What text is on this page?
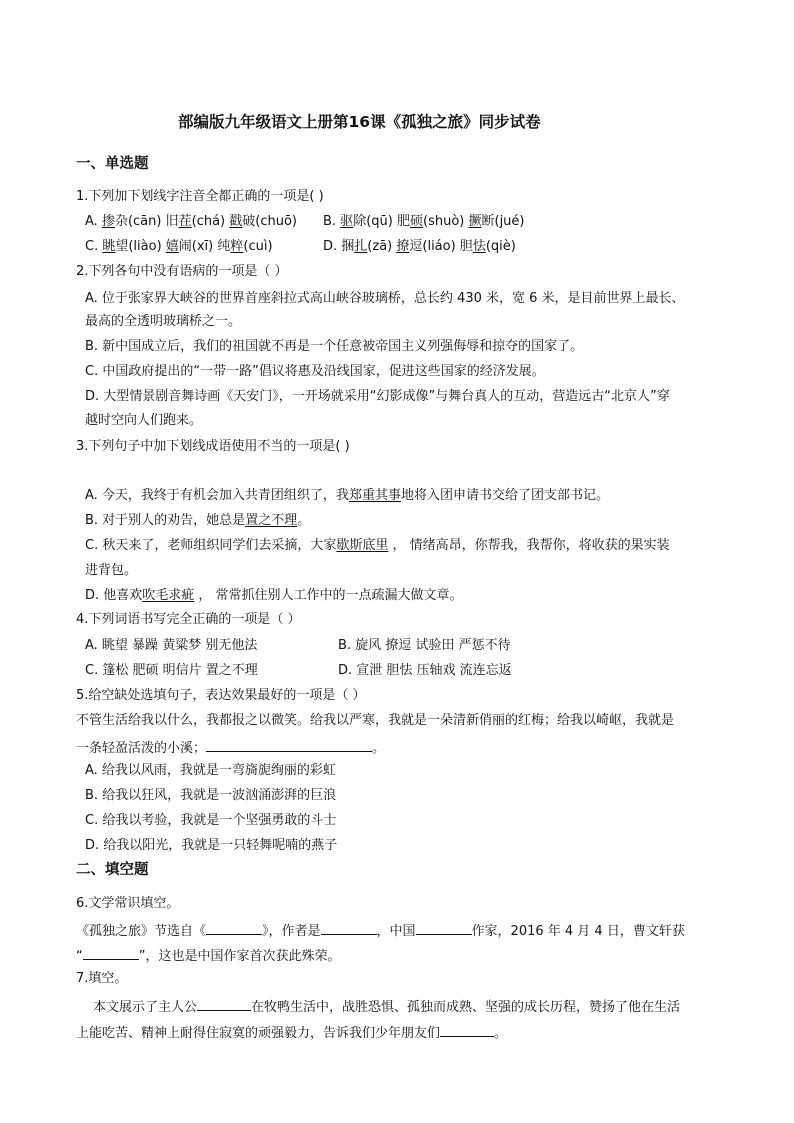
部编版九年级语文上册第16课《孤独之旅》同步试卷
一、单选题
1.下列加下划线字注音全都正确的一项是( )
A. 掺杂(cān) 旧茬(chá) 戳破(chuō) B. 驱除(qū) 肥硕(shuò) 撅断(jué)
C. 眺望(liào) 嬉闹(xī) 纯粹(cuì)	D. 捆扎(zā) 撩逗(liáo) 胆怯(qiè)
2.下列各句中没有语病的一项是（ ）
A. 位于张家界大峡谷的世界首座斜拉式高山峡谷玻璃桥，总长约 430 米，宽 6 米，是目前世界上最长、
最高的全透明玻璃桥之一。
B. 新中国成立后，我们的祖国就不再是一个任意被帝国主义列强侮辱和掠夺的国家了。
C. 中国政府提出的“一带一路”倡议将惠及沿线国家，促进这些国家的经济发展。
D. 大型情景剧音舞诗画《天安门》，一开场就采用“幻影成像”与舞台真人的互动，营造远古“北京人”穿
越时空向人们跑来。
3.下列句子中加下划线成语使用不当的一项是( )
A. 今天，我终于有机会加入共青团组织了，我郑重其事地将入团申请书交给了团支部书记。
B. 对于别人的劝告，她总是置之不理。
C. 秋天来了，老师组织同学们去采摘，大家歇斯底里 ， 情绪高昂，你帮我，我帮你，将收获的果实装
进背包。
D. 他喜欢吹毛求疵 ， 常常抓住别人工作中的一点疏漏大做文章。
4.下列词语书写完全正确的一项是（ ）
A. 眺望 暴躁 黄粱梦 别无他法	B. 旋风 撩逗 试验田 严惩不待
C. 篷松 肥硕 明信片 置之不理	D. 宣泄 胆怯 压轴戏 流连忘返
5.给空缺处选填句子，表达效果最好的一项是（ ）
不管生活给我以什么，我都报之以微笑。给我以严寒，我就是一朵清新俏丽的红梅；给我以崎岖，我就是
一条轻盈活泼的小溪；	。
A. 给我以风雨，我就是一弯旖旎绚丽的彩虹
B. 给我以狂风，我就是一波汹涌澎湃的巨浪
C. 给我以考验，我就是一个坚强勇敢的斗士
D. 给我以阳光，我就是一只轻舞呢喃的燕子
二、填空题
6.文学常识填空。
《孤独之旅》节选自《	》，作者是	，中国	作家，2016 年 4 月 4 日，曹文轩获
“	”，这也是中国作家首次获此殊荣。
7.填空。
本文展示了主人公	在牧鸭生活中，战胜恐惧、孤独而成熟、坚强的成长历程，赞扬了他在生活
上能吃苦、精神上耐得住寂寞的顽强毅力，告诉我们少年朋友们	。
